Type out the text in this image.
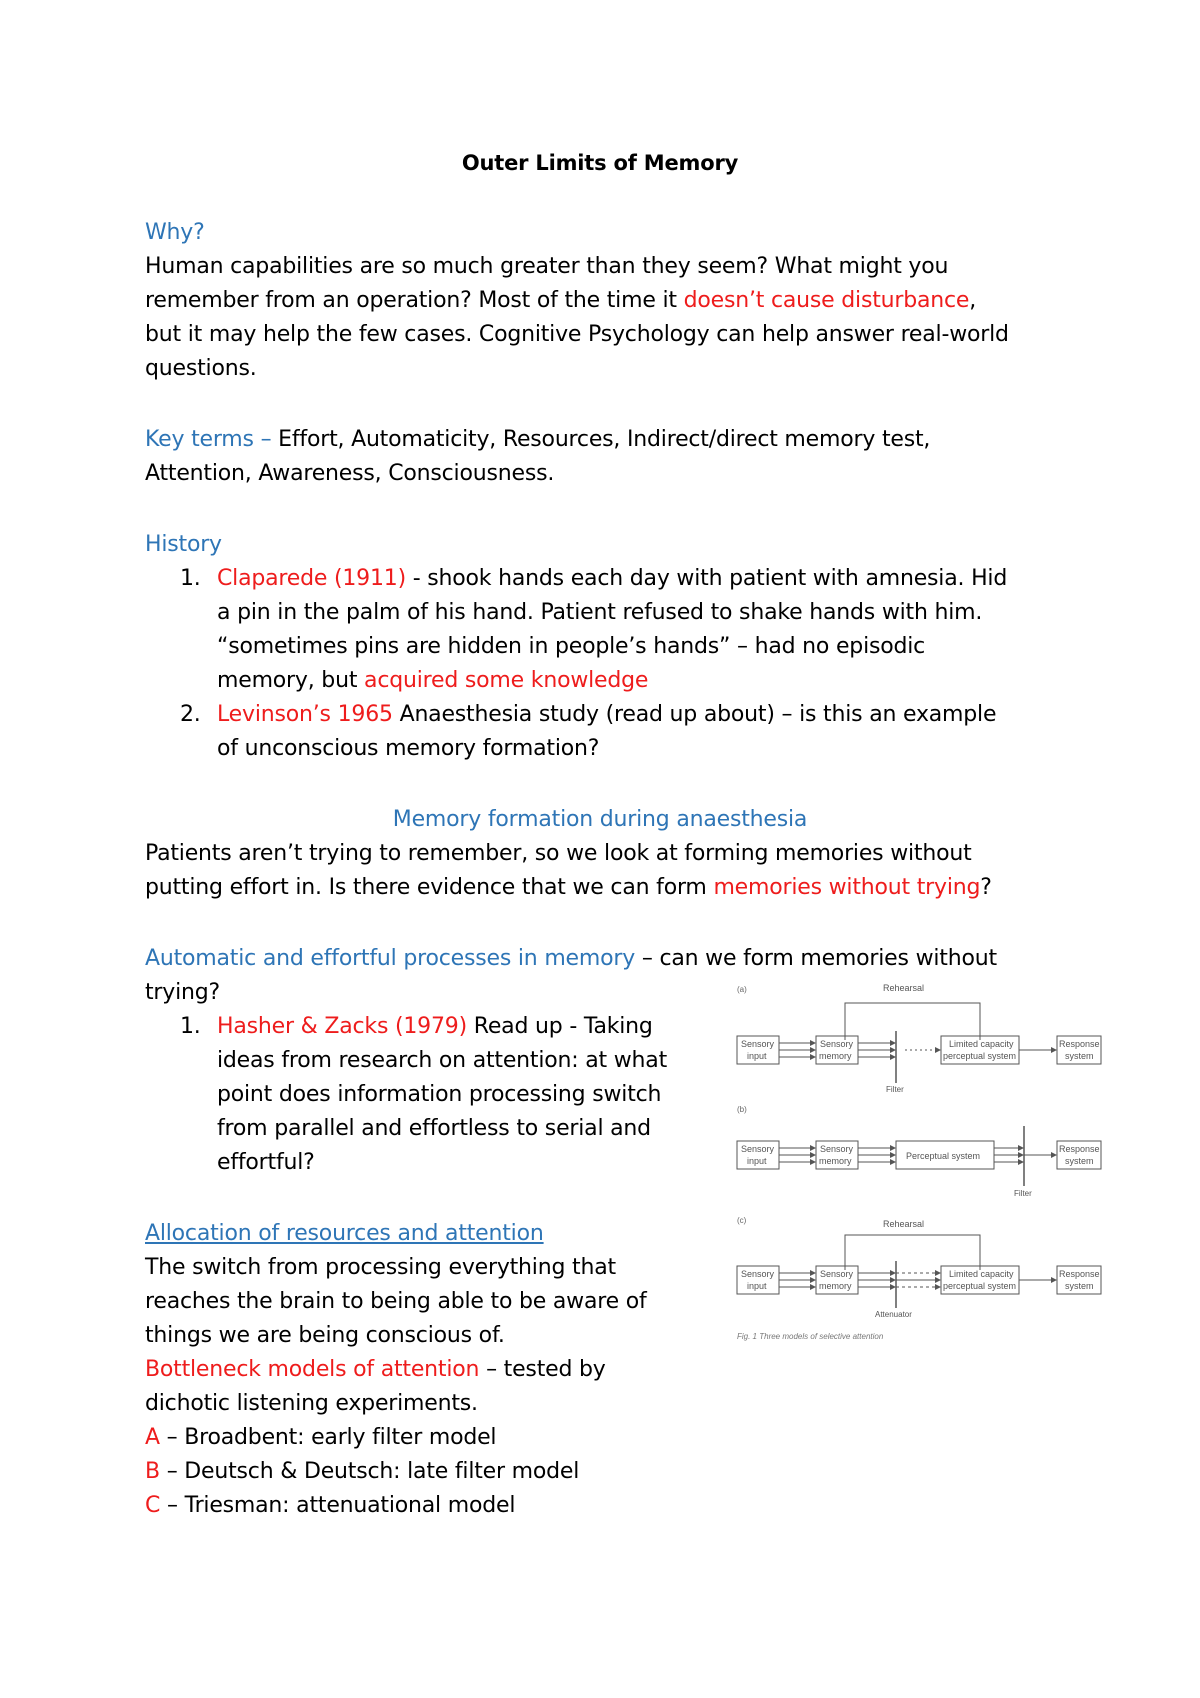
Outer Limits of Memory
Why?
Human capabilities are so much greater than they seem? What might you
remember from an operation? Most of the time it doesn’t cause disturbance,
but it may help the few cases. Cognitive Psychology can help answer real-world
questions.
Key terms – Effort, Automaticity, Resources, Indirect/direct memory test,
Attention, Awareness, Consciousness.
History
1. Claparede (1911) - shook hands each day with patient with amnesia. Hid
a pin in the palm of his hand. Patient refused to shake hands with him.
“sometimes pins are hidden in people’s hands” – had no episodic
memory, but acquired some knowledge
2. Levinson’s 1965 Anaesthesia study (read up about) – is this an example
of unconscious memory formation?
Memory formation during anaesthesia
Patients aren’t trying to remember, so we look at forming memories without
putting effort in. Is there evidence that we can form memories without trying?
Automatic and effortful processes in memory – can we form memories without
trying?
1. Hasher & Zacks (1979) Read up - Taking
ideas from research on attention: at what
point does information processing switch
from parallel and effortless to serial and
effortful?
Allocation of resources and attention
The switch from processing everything that
reaches the brain to being able to be aware of
things we are being conscious of.
Bottleneck models of attention – tested by
dichotic listening experiments.
A – Broadbent: early filter model
B – Deutsch & Deutsch: late filter model
C – Triesman: attenuational model
(a)	Rehearsal
Sensory
input
Sensory
memory
Filter
Limited capacity
perceptual system
Response
system
(b)
Sensory
input
Sensory
memory	Perceptual system
Filter
Response
system
(c)	Rehearsal
Sensory
input
Sensory
memory
Attenuator
Limited capacity
perceptual system
Response
system
Fig. 1 Three models of selective attention
